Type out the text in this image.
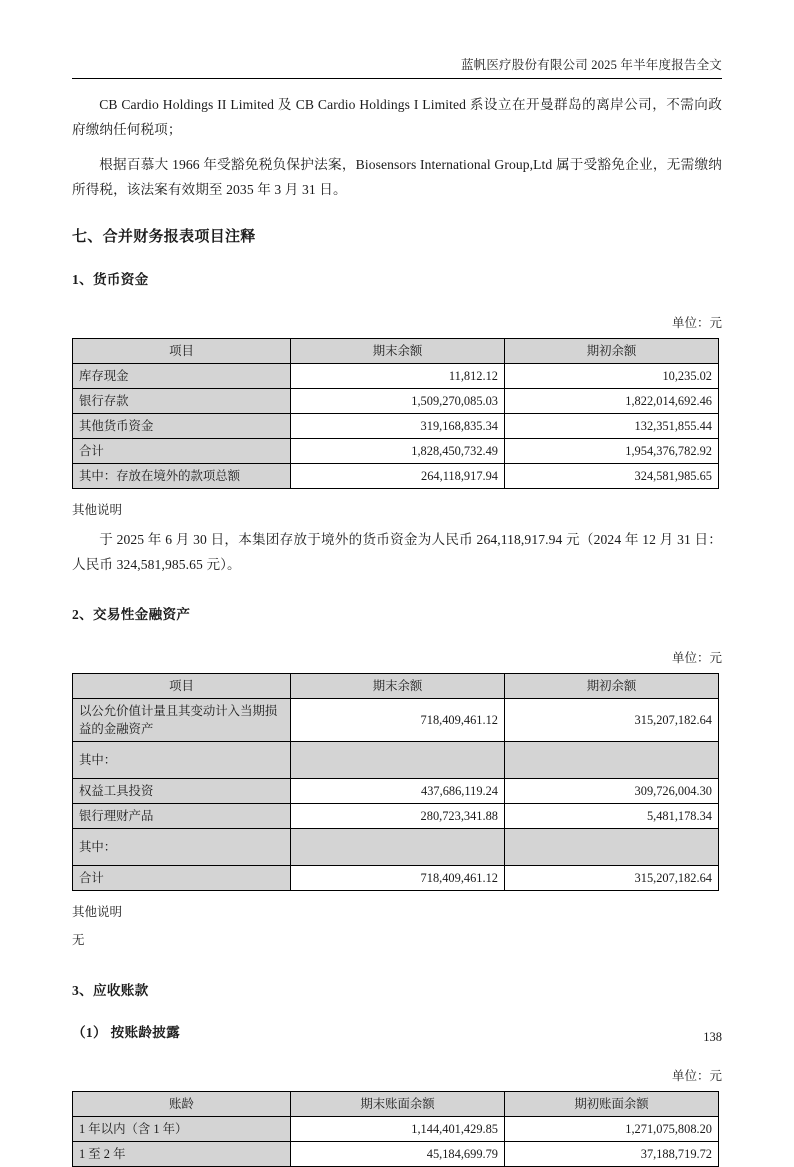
蓝帆医疗股份有限公司 2025 年半年度报告全文

CB Cardio Holdings II Limited 及 CB Cardio Holdings I Limited 系设立在开曼群岛的离岸公司，不需向政府缴纳任何税项；

根据百慕大 1966 年受豁免税负保护法案，Biosensors International Group,Ltd 属于受豁免企业，无需缴纳所得税，该法案有效期至 2035 年 3 月 31 日。

七、合并财务报表项目注释

1、货币资金

单位：元

项目	期末余额	期初余额
库存现金	11,812.12	10,235.02
银行存款	1,509,270,085.03	1,822,014,692.46
其他货币资金	319,168,835.34	132,351,855.44
合计	1,828,450,732.49	1,954,376,782.92
其中：存放在境外的款项总额	264,118,917.94	324,581,985.65

其他说明

于 2025 年 6 月 30 日，本集团存放于境外的货币资金为人民币 264,118,917.94 元（2024 年 12 月 31 日：人民币 324,581,985.65 元）。

2、交易性金融资产

单位：元

项目	期末余额	期初余额
以公允价值计量且其变动计入当期损益的金融资产	718,409,461.12	315,207,182.64
其中：		
权益工具投资	437,686,119.24	309,726,004.30
银行理财产品	280,723,341.88	5,481,178.34
其中：		
合计	718,409,461.12	315,207,182.64

其他说明

无

3、应收账款

（1） 按账龄披露

单位：元

账龄	期末账面余额	期初账面余额
1 年以内（含 1 年）	1,144,401,429.85	1,271,075,808.20
1 至 2 年	45,184,699.79	37,188,719.72
138
